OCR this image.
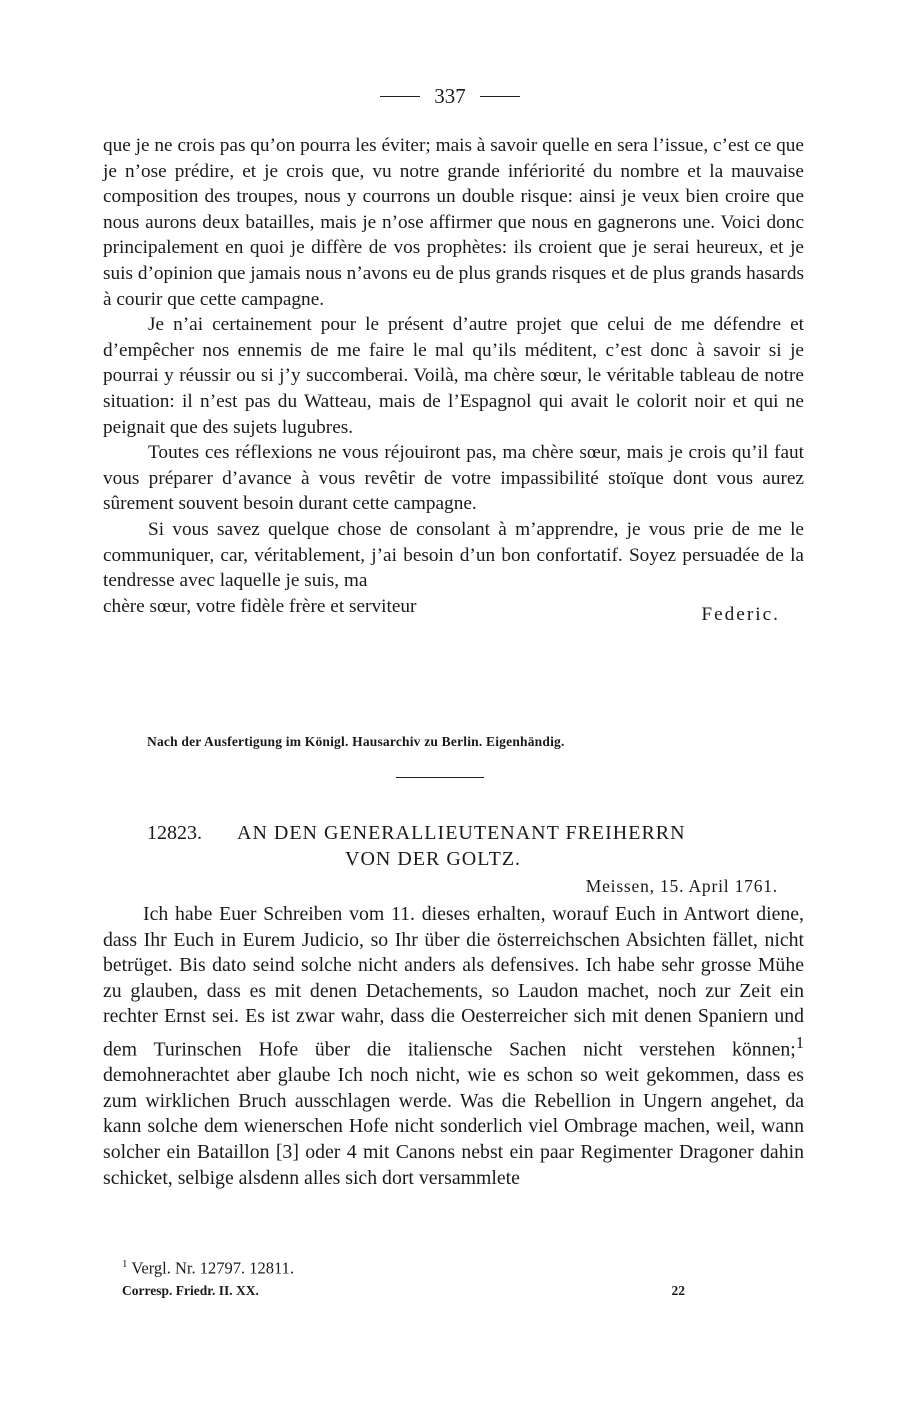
337

que je ne crois pas qu’on pourra les éviter; mais à savoir quelle en sera l’issue, c’est ce que je n’ose prédire, et je crois que, vu notre grande infériorité du nombre et la mauvaise composition des troupes, nous y courrons un double risque: ainsi je veux bien croire que nous aurons deux batailles, mais je n’ose affirmer que nous en gagnerons une. Voici donc principalement en quoi je diffère de vos prophètes: ils croient que je serai heureux, et je suis d’opinion que jamais nous n’avons eu de plus grands risques et de plus grands hasards à courir que cette campagne.

Je n’ai certainement pour le présent d’autre projet que celui de me défendre et d’empêcher nos ennemis de me faire le mal qu’ils méditent, c’est donc à savoir si je pourrai y réussir ou si j’y succomberai. Voilà, ma chère sœur, le véritable tableau de notre situation: il n’est pas du Watteau, mais de l’Espagnol qui avait le colorit noir et qui ne peignait que des sujets lugubres.

Toutes ces réflexions ne vous réjouiront pas, ma chère sœur, mais je crois qu’il faut vous préparer d’avance à vous revêtir de votre impassibilité stoïque dont vous aurez sûrement souvent besoin durant cette campagne.

Si vous savez quelque chose de consolant à m’apprendre, je vous prie de me le communiquer, car, véritablement, j’ai besoin d’un bon confortatif. Soyez persuadée de la tendresse avec laquelle je suis, ma

chère sœur, votre fidèle frère et serviteur	Federic.
Nach der Ausfertigung im Königl. Hausarchiv zu Berlin. Eigenhändig.
12823. AN DEN GENERALLIEUTENANT FREIHERRN
VON DER GOLTZ.
Meissen, 15. April 1761.

Ich habe Euer Schreiben vom 11. dieses erhalten, worauf Euch in Antwort diene, dass Ihr Euch in Eurem Judicio, so Ihr über die österreichschen Absichten fället, nicht betrüget. Bis dato seind solche nicht anders als defensives. Ich habe sehr grosse Mühe zu glauben, dass es mit denen Detachements, so Laudon machet, noch zur Zeit ein rechter Ernst sei. Es ist zwar wahr, dass die Oesterreicher sich mit denen Spaniern und dem Turinschen Hofe über die italiensche Sachen nicht verstehen können;$^1$ demohnerachtet aber glaube Ich noch nicht, wie es schon so weit gekommen, dass es zum wirklichen Bruch ausschlagen werde. Was die Rebellion in Ungern angehet, da kann solche dem wienerschen Hofe nicht sonderlich viel Ombrage machen, weil, wann solcher ein Bataillon [3] oder 4 mit Canons nebst ein paar Regimenter Dragoner dahin schicket, selbige alsdenn alles sich dort versammlete

$^1$ Vergl. Nr. 12797. 12811.
Corresp. Friedr. II. XX.	22
